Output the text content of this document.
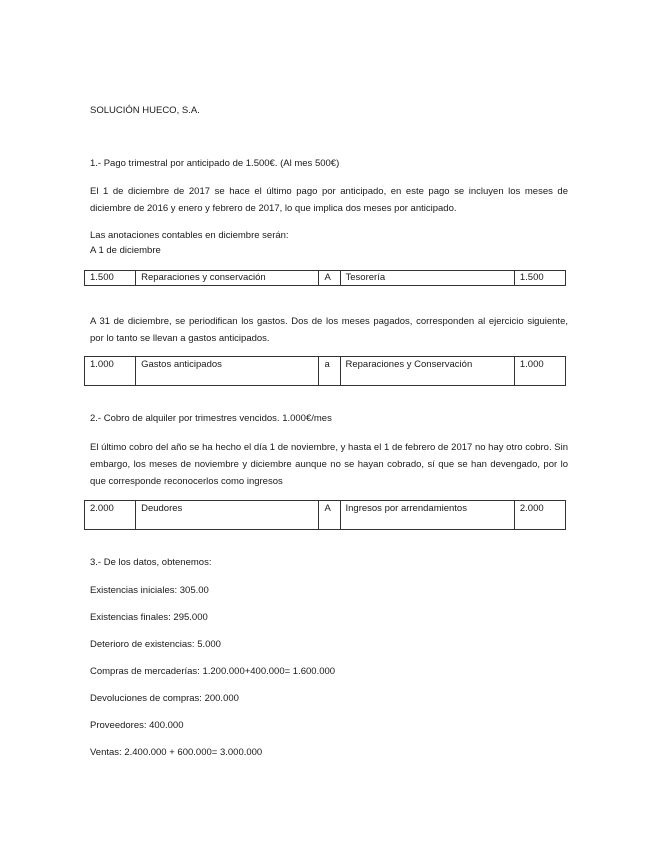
SOLUCIÓN HUECO, S.A.
1.- Pago trimestral por anticipado de 1.500€. (Al mes 500€)
El 1 de diciembre de 2017 se hace el último pago por anticipado, en este pago se incluyen los meses de diciembre de 2016 y enero y febrero de 2017, lo que implica dos meses por anticipado.
Las anotaciones contables en diciembre serán:
A 1 de diciembre
1.500	Reparaciones y conservación	A	Tesorería	1.500
A 31 de diciembre, se periodifican los gastos. Dos de los meses pagados, corresponden al ejercicio siguiente, por lo tanto se llevan a gastos anticipados.
1.000	Gastos anticipados	a	Reparaciones y Conservación	1.000
2.- Cobro de alquiler por trimestres vencidos. 1.000€/mes
El último cobro del año se ha hecho el día 1 de noviembre, y hasta el 1 de febrero de 2017 no hay otro cobro. Sin embargo, los meses de noviembre y diciembre aunque no se hayan cobrado, sí que se han devengado, por lo que corresponde reconocerlos como ingresos
2.000	Deudores	A	Ingresos por arrendamientos	2.000
3.- De los datos, obtenemos:
Existencias iniciales: 305.00
Existencias finales: 295.000
Deterioro de existencias: 5.000
Compras de mercaderías: 1.200.000+400.000= 1.600.000
Devoluciones de compras: 200.000
Proveedores: 400.000
Ventas: 2.400.000 + 600.000= 3.000.000
